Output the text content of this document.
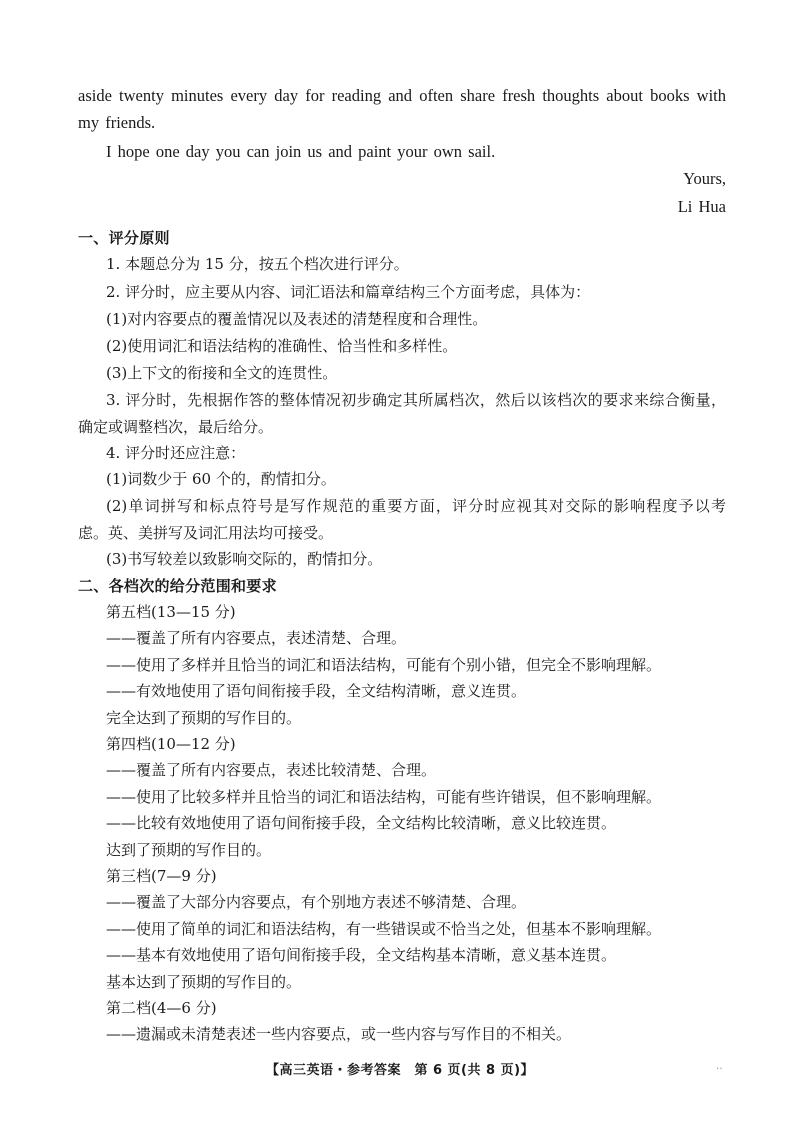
aside twenty minutes every day for reading and often share fresh thoughts about books with
my friends.
I hope one day you can join us and paint your own sail.
Yours,
Li Hua
一、评分原则
1. 本题总分为 15 分，按五个档次进行评分。
2. 评分时，应主要从内容、词汇语法和篇章结构三个方面考虑，具体为：
(1)对内容要点的覆盖情况以及表述的清楚程度和合理性。
(2)使用词汇和语法结构的准确性、恰当性和多样性。
(3)上下文的衔接和全文的连贯性。
3. 评分时，先根据作答的整体情况初步确定其所属档次，然后以该档次的要求来综合衡量，
确定或调整档次，最后给分。
4. 评分时还应注意：
(1)词数少于 60 个的，酌情扣分。
(2)单词拼写和标点符号是写作规范的重要方面，评分时应视其对交际的影响程度予以考
虑。英、美拼写及词汇用法均可接受。
(3)书写较差以致影响交际的，酌情扣分。
二、各档次的给分范围和要求
第五档(13—15 分)
——覆盖了所有内容要点，表述清楚、合理。
——使用了多样并且恰当的词汇和语法结构，可能有个别小错，但完全不影响理解。
——有效地使用了语句间衔接手段，全文结构清晰，意义连贯。
完全达到了预期的写作目的。
第四档(10—12 分)
——覆盖了所有内容要点，表述比较清楚、合理。
——使用了比较多样并且恰当的词汇和语法结构，可能有些许错误，但不影响理解。
——比较有效地使用了语句间衔接手段，全文结构比较清晰，意义比较连贯。
达到了预期的写作目的。
第三档(7—9 分)
——覆盖了大部分内容要点，有个别地方表述不够清楚、合理。
——使用了简单的词汇和语法结构，有一些错误或不恰当之处，但基本不影响理解。
——基本有效地使用了语句间衔接手段，全文结构基本清晰，意义基本连贯。
基本达到了预期的写作目的。
第二档(4—6 分)
——遗漏或未清楚表述一些内容要点，或一些内容与写作目的不相关。
【高三英语・参考答案　第 6 页(共 8 页)】	‥
